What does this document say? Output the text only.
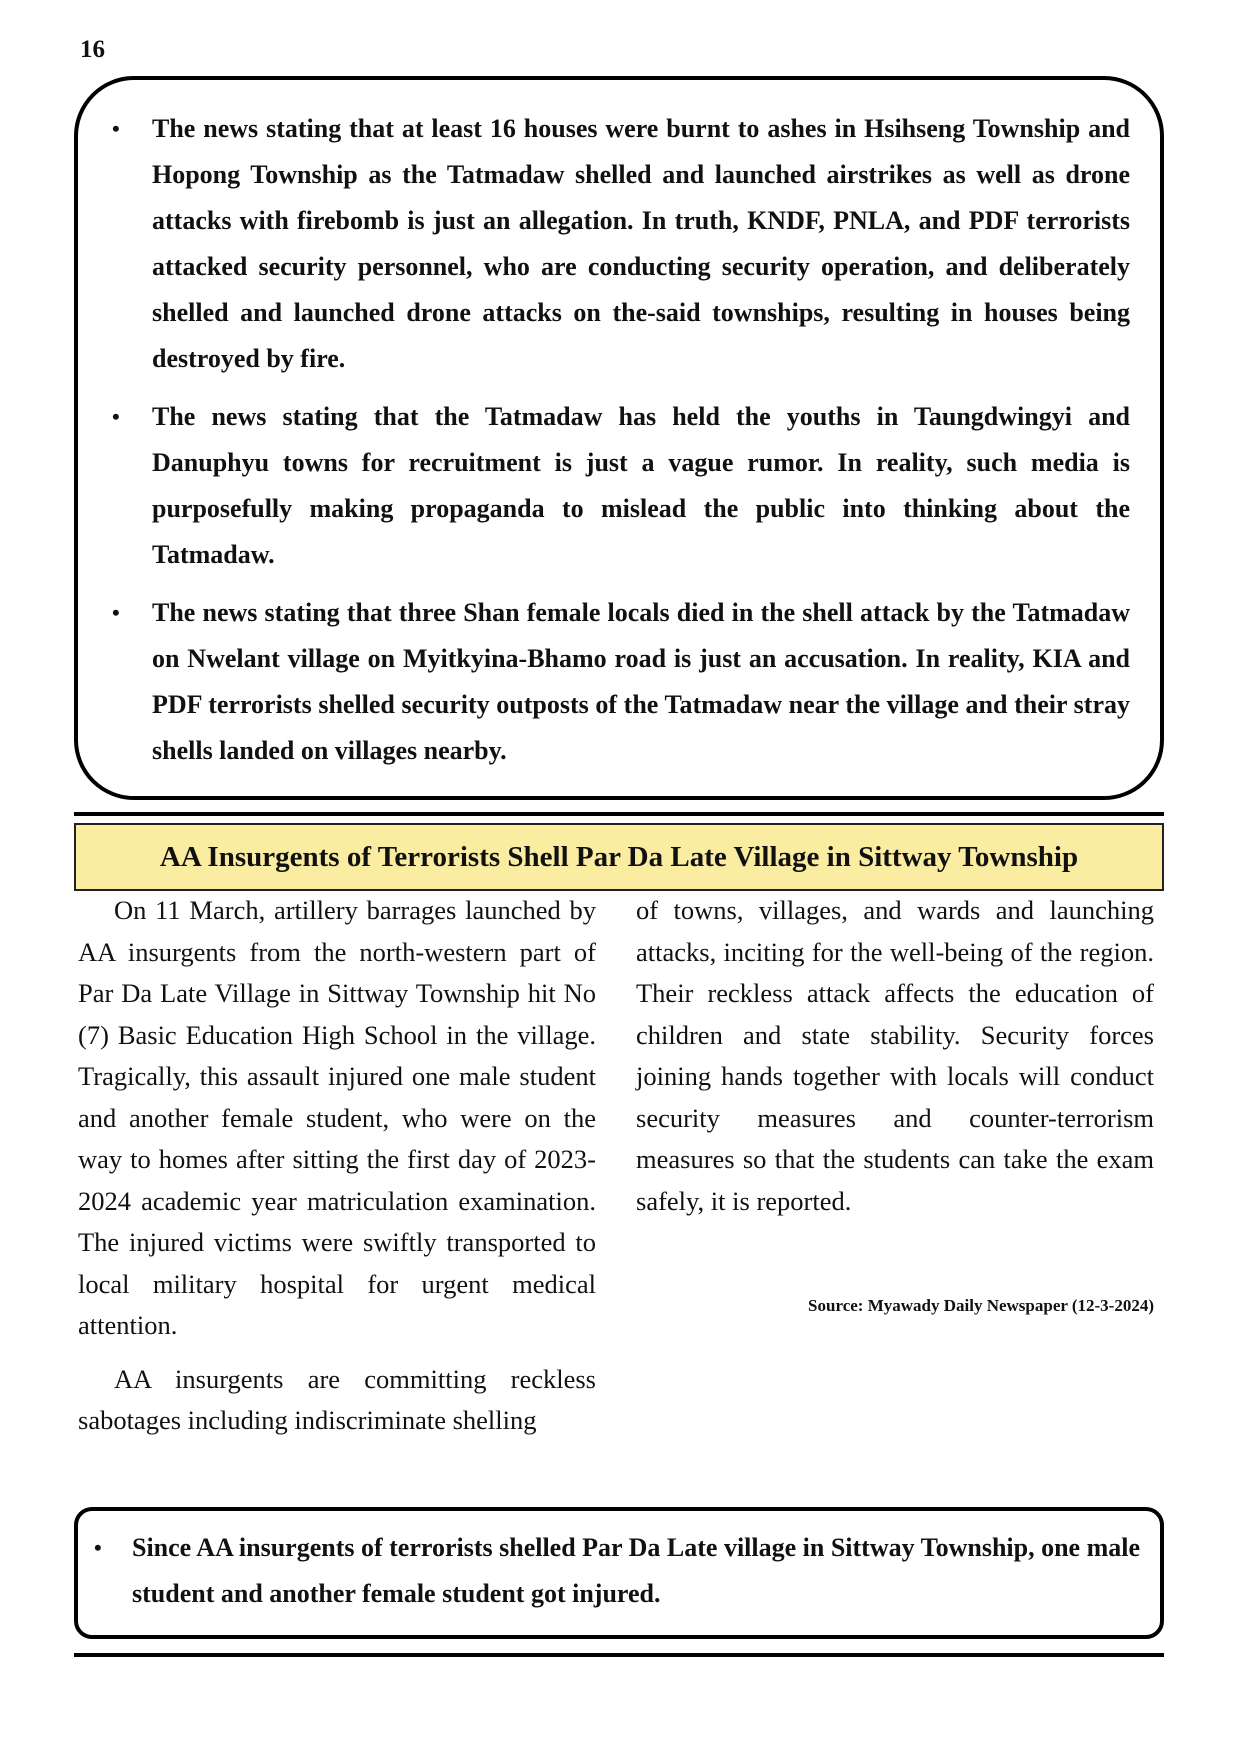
16
• The news stating that at least 16 houses were burnt to ashes in Hsihseng Township and Hopong Township as the Tatmadaw shelled and launched airstrikes as well as drone attacks with firebomb is just an allegation. In truth, KNDF, PNLA, and PDF terrorists attacked security personnel, who are conducting security operation, and deliberately shelled and launched drone attacks on the-said townships, resulting in houses being destroyed by fire.
• The news stating that the Tatmadaw has held the youths in Taungdwingyi and Danuphyu towns for recruitment is just a vague rumor. In reality, such media is purposefully making propaganda to mislead the public into thinking about the Tatmadaw.
• The news stating that three Shan female locals died in the shell attack by the Tatmadaw on Nwelant village on Myitkyina-Bhamo road is just an accusation. In reality, KIA and PDF terrorists shelled security outposts of the Tatmadaw near the village and their stray shells landed on villages nearby.
AA Insurgents of Terrorists Shell Par Da Late Village in Sittway Township

On 11 March, artillery barrages launched by AA insurgents from the north-western part of Par Da Late Village in Sittway Township hit No (7) Basic Education High School in the village. Tragically, this assault injured one male student and another female student, who were on the way to homes after sitting the first day of 2023-2024 academic year matriculation examination. The injured victims were swiftly transported to local military hospital for urgent medical attention.

AA insurgents are committing reckless sabotages including indiscriminate shelling

of towns, villages, and wards and launching attacks, inciting for the well-being of the region. Their reckless attack affects the education of children and state stability. Security forces joining hands together with locals will conduct security measures and counter-terrorism measures so that the students can take the exam safely, it is reported.

Source: Myawady Daily Newspaper (12-3-2024)
• Since AA insurgents of terrorists shelled Par Da Late village in Sittway Township, one male student and another female student got injured.
